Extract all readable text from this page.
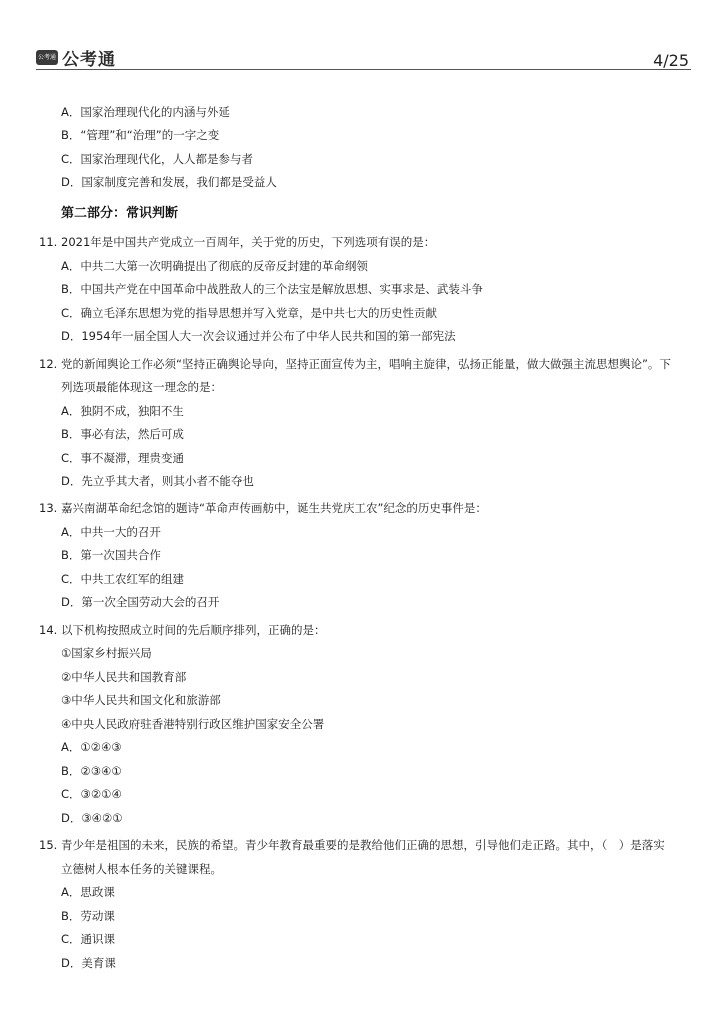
公考通 公考通	4/25
A．国家治理现代化的内涵与外延
B．“管理”和“治理”的一字之变
C．国家治理现代化，人人都是参与者
D．国家制度完善和发展，我们都是受益人
第二部分：常识判断
11. 2021年是中国共产党成立一百周年，关于党的历史，下列选项有误的是：
A．中共二大第一次明确提出了彻底的反帝反封建的革命纲领
B．中国共产党在中国革命中战胜敌人的三个法宝是解放思想、实事求是、武装斗争
C．确立毛泽东思想为党的指导思想并写入党章，是中共七大的历史性贡献
D．1954年一届全国人大一次会议通过并公布了中华人民共和国的第一部宪法
12. 党的新闻舆论工作必须“坚持正确舆论导向，坚持正面宣传为主，唱响主旋律，弘扬正能量，做大做强主流思想舆论”。下
列选项最能体现这一理念的是：
A．独阴不成，独阳不生
B．事必有法，然后可成
C．事不凝滞，理贵变通
D．先立乎其大者，则其小者不能夺也
13. 嘉兴南湖革命纪念馆的题诗“革命声传画舫中，诞生共党庆工农”纪念的历史事件是：
A．中共一大的召开
B．第一次国共合作
C．中共工农红军的组建
D．第一次全国劳动大会的召开
14. 以下机构按照成立时间的先后顺序排列，正确的是：
①国家乡村振兴局
②中华人民共和国教育部
③中华人民共和国文化和旅游部
④中央人民政府驻香港特别行政区维护国家安全公署
A．①②④③
B．②③④①
C．③②①④
D．③④②①
15. 青少年是祖国的未来，民族的希望。青少年教育最重要的是教给他们正确的思想，引导他们走正路。其中，（　）是落实
立德树人根本任务的关键课程。
A．思政课
B．劳动课
C．通识课
D．美育课
